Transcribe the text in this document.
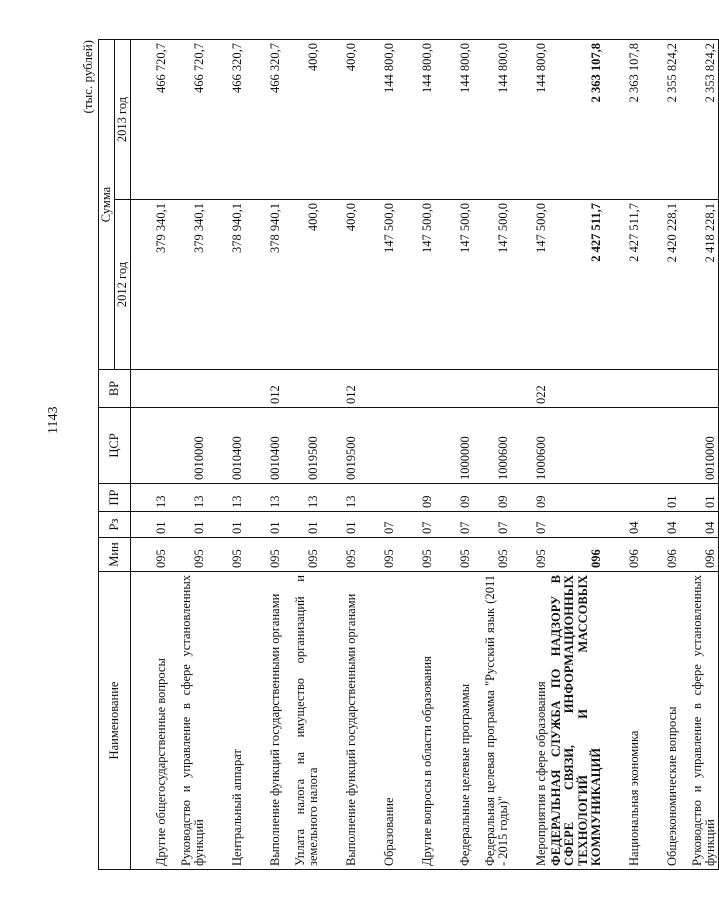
1143
(тыс. рублей)
Наименование	Мин	Рз	ПР	ЦСР	ВР	Сумма	
						2012 год	2013 год
Другие общегосударственные вопросы	095	01	13			379 340,1	466 720,7
Руководство и управление в сфере установленных функций	095	01	13	0010000		379 340,1	466 720,7
Центральный аппарат	095	01	13	0010400		378 940,1	466 320,7
Выполнение функций государственными органами	095	01	13	0010400	012	378 940,1	466 320,7
Уплата налога на имущество организаций и земельного налога	095	01	13	0019500		400,0	400,0
Выполнение функций государственными органами	095	01	13	0019500	012	400,0	400,0
Образование	095	07				147 500,0	144 800,0
Другие вопросы в области образования	095	07	09			147 500,0	144 800,0
Федеральные целевые программы	095	07	09	1000000		147 500,0	144 800,0
Федеральная целевая программа "Русский язык (2011 - 2015 годы)"	095	07	09	1000600		147 500,0	144 800,0
Мероприятия в сфере образования	095	07	09	1000600	022	147 500,0	144 800,0
ФЕДЕРАЛЬНАЯ СЛУЖБА ПО НАДЗОРУ В СФЕРЕ СВЯЗИ, ИНФОРМАЦИОННЫХ ТЕХНОЛОГИЙ И МАССОВЫХ КОММУНИКАЦИЙ	096					2 427 511,7	2 363 107,8
Национальная экономика	096	04				2 427 511,7	2 363 107,8
Общеэкономические вопросы	096	04	01			2 420 228,1	2 355 824,2
Руководство и управление в сфере установленных функций	096	04	01	0010000		2 418 228,1	2 353 824,2
